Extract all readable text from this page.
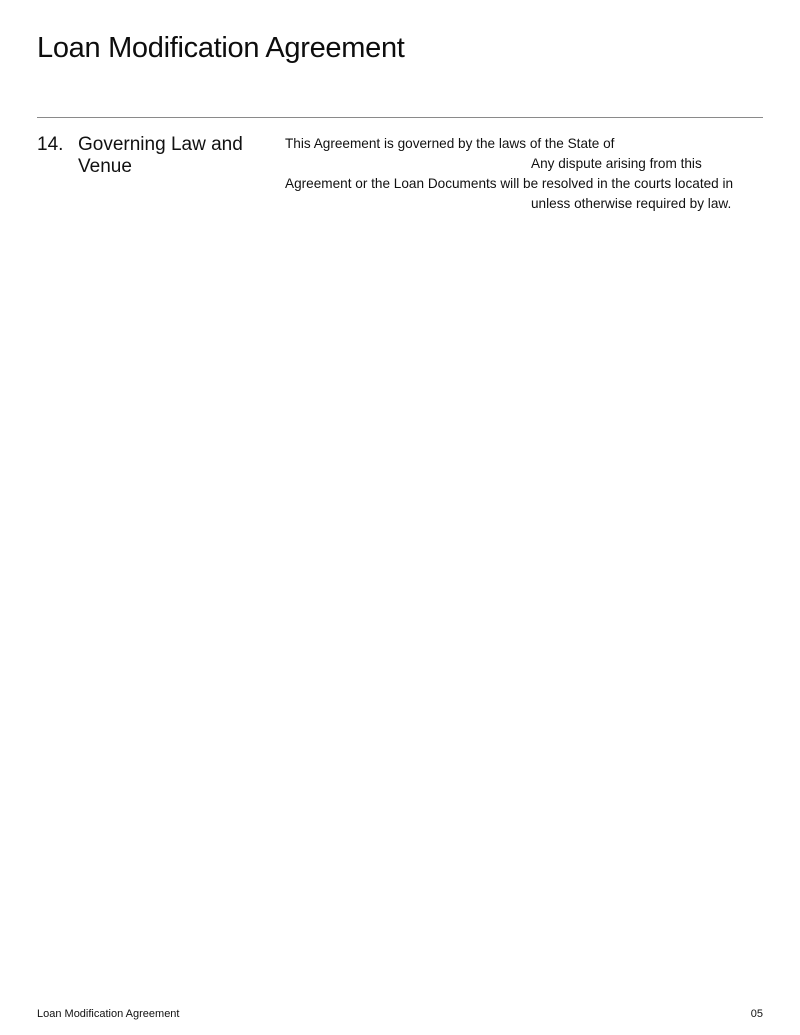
Loan Modification Agreement
14. Governing Law and Venue
This Agreement is governed by the laws of the State of
Any dispute arising from this
Agreement or the Loan Documents will be resolved in the courts located in
unless otherwise required by law.
Loan Modification Agreement	05
